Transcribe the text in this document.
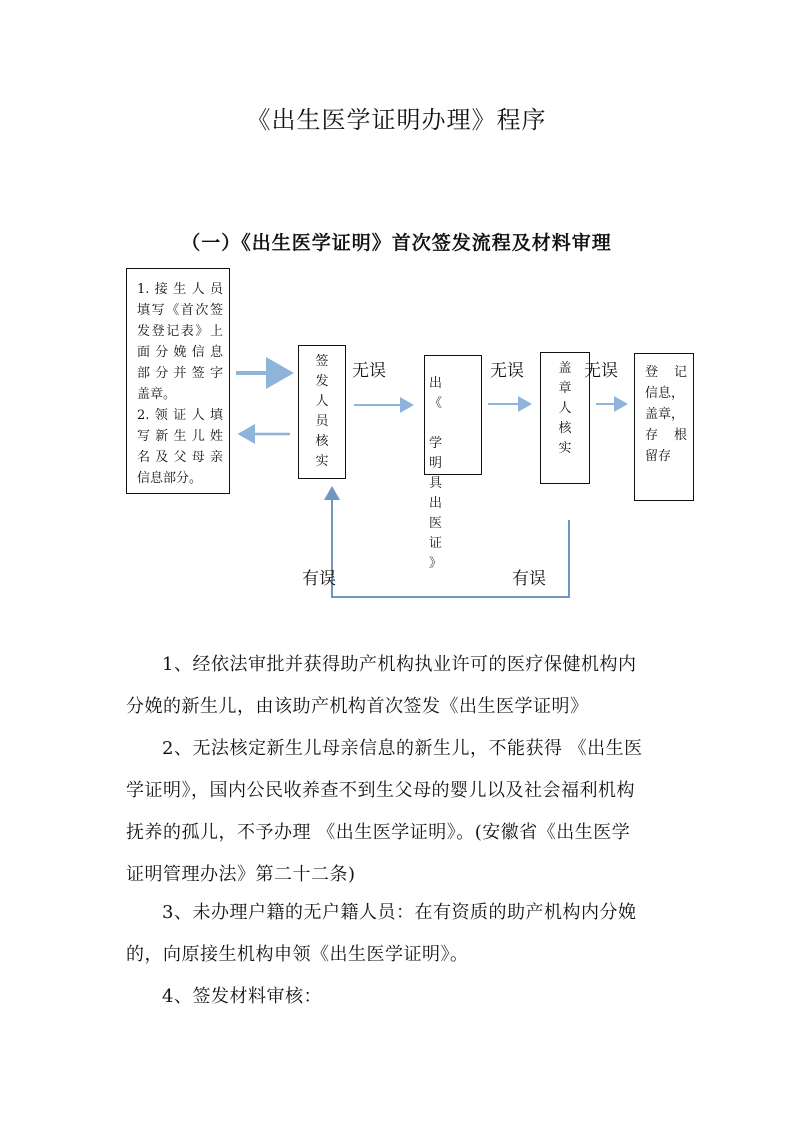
《出生医学证明办理》程序
（一）《出生医学证明》首次签发流程及材料审理

1.接生人员

填写《首次签

发登记表》上

面分娩信息

部分并签字

盖章。

2.领证人填

写新生儿姓

名及父母亲

信息部分。

签
发
人
员
核
实
出
《
学
明

具
出
医
证
》
盖
章
人
核
实

登 记

信息，

盖章，

存 根

留存

无误	无误	无误
有误	有误
1、经依法审批并获得助产机构执业许可的医疗保健机构内
分娩的新生儿，由该助产机构首次签发《出生医学证明》
2、无法核定新生儿母亲信息的新生儿，不能获得 《出生医
学证明》，国内公民收养查不到生父母的婴儿以及社会福利机构
抚养的孤儿，不予办理 《出生医学证明》。(安徽省《出生医学
证明管理办法》第二十二条)
3、未办理户籍的无户籍人员：在有资质的助产机构内分娩
的，向原接生机构申领《出生医学证明》。
4、签发材料审核：
